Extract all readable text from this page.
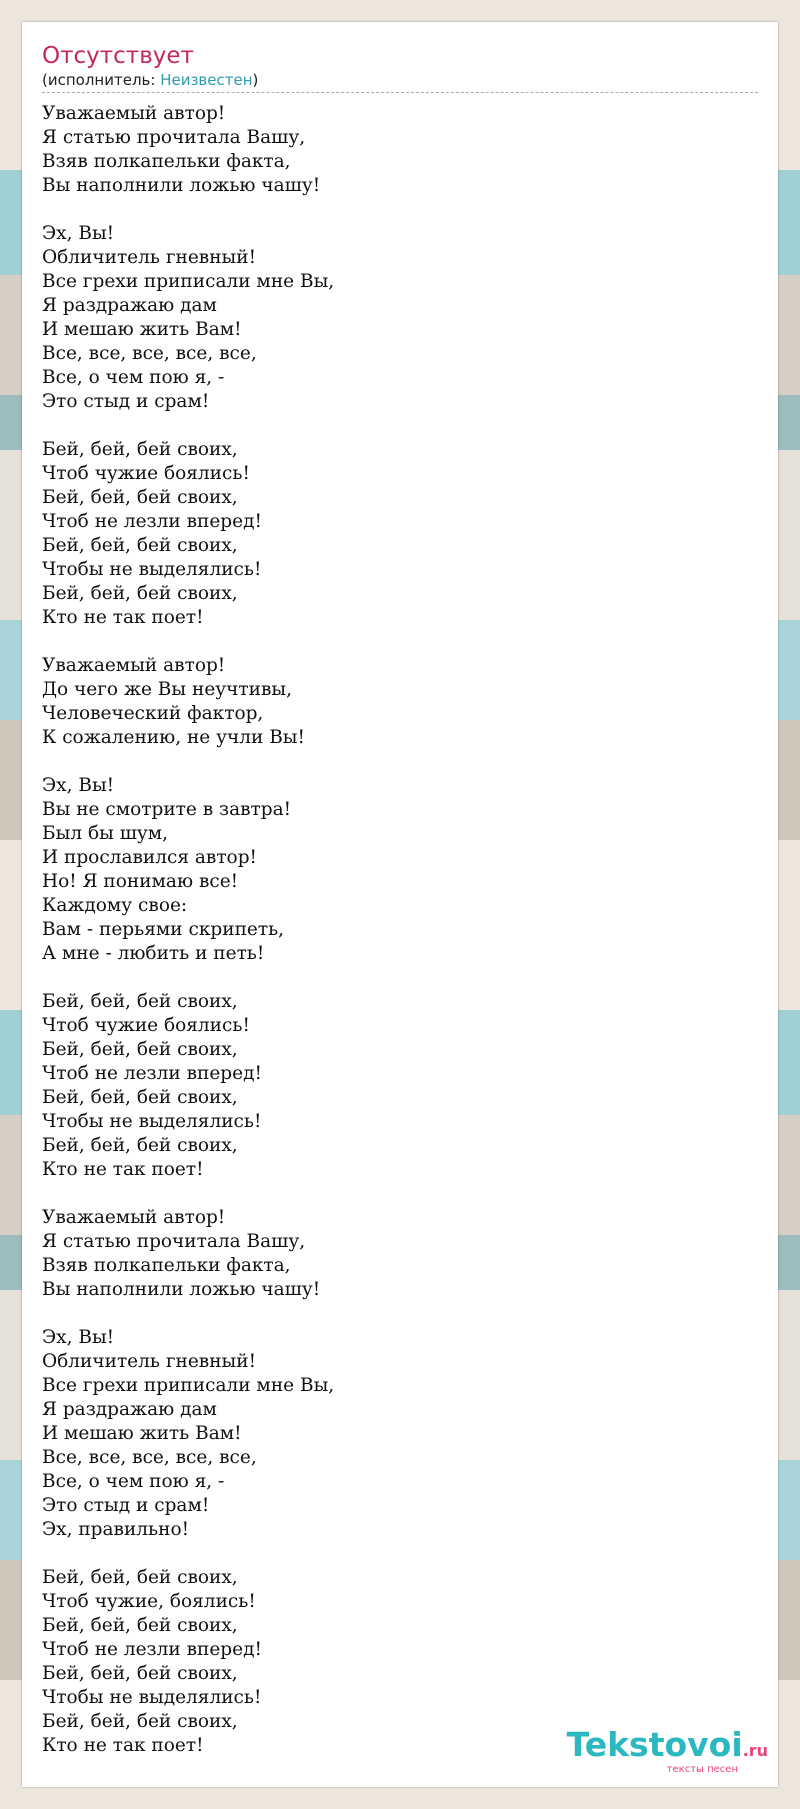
Отсутствует
(исполнитель: Неизвестен)
Уважаемый автор!
Я статью прочитала Вашу,
Взяв полкапельки факта,
Вы наполнили ложью чашу!
Эх, Вы!
Обличитель гневный!
Все грехи приписали мне Вы,
Я раздражаю дам
И мешаю жить Вам!
Все, все, все, все, все,
Все, о чем пою я, -
Это стыд и срам!
Бей, бей, бей своих,
Чтоб чужие боялись!
Бей, бей, бей своих,
Чтоб не лезли вперед!
Бей, бей, бей своих,
Чтобы не выделялись!
Бей, бей, бей своих,
Кто не так поет!
Уважаемый автор!
До чего же Вы неучтивы,
Человеческий фактор,
К сожалению, не учли Вы!
Эх, Вы!
Вы не смотрите в завтра!
Был бы шум,
И прославился автор!
Но! Я понимаю все!
Каждому свое:
Вам - перьями скрипеть,
А мне - любить и петь!
Бей, бей, бей своих,
Чтоб чужие боялись!
Бей, бей, бей своих,
Чтоб не лезли вперед!
Бей, бей, бей своих,
Чтобы не выделялись!
Бей, бей, бей своих,
Кто не так поет!
Уважаемый автор!
Я статью прочитала Вашу,
Взяв полкапельки факта,
Вы наполнили ложью чашу!
Эх, Вы!
Обличитель гневный!
Все грехи приписали мне Вы,
Я раздражаю дам
И мешаю жить Вам!
Все, все, все, все, все,
Все, о чем пою я, -
Это стыд и срам!
Эх, правильно!
Бей, бей, бей своих,
Чтоб чужие, боялись!
Бей, бей, бей своих,
Чтоб не лезли вперед!
Бей, бей, бей своих,
Чтобы не выделялись!
Бей, бей, бей своих,
Кто не так поет!	Tekstovoi.ru
тексты песен
